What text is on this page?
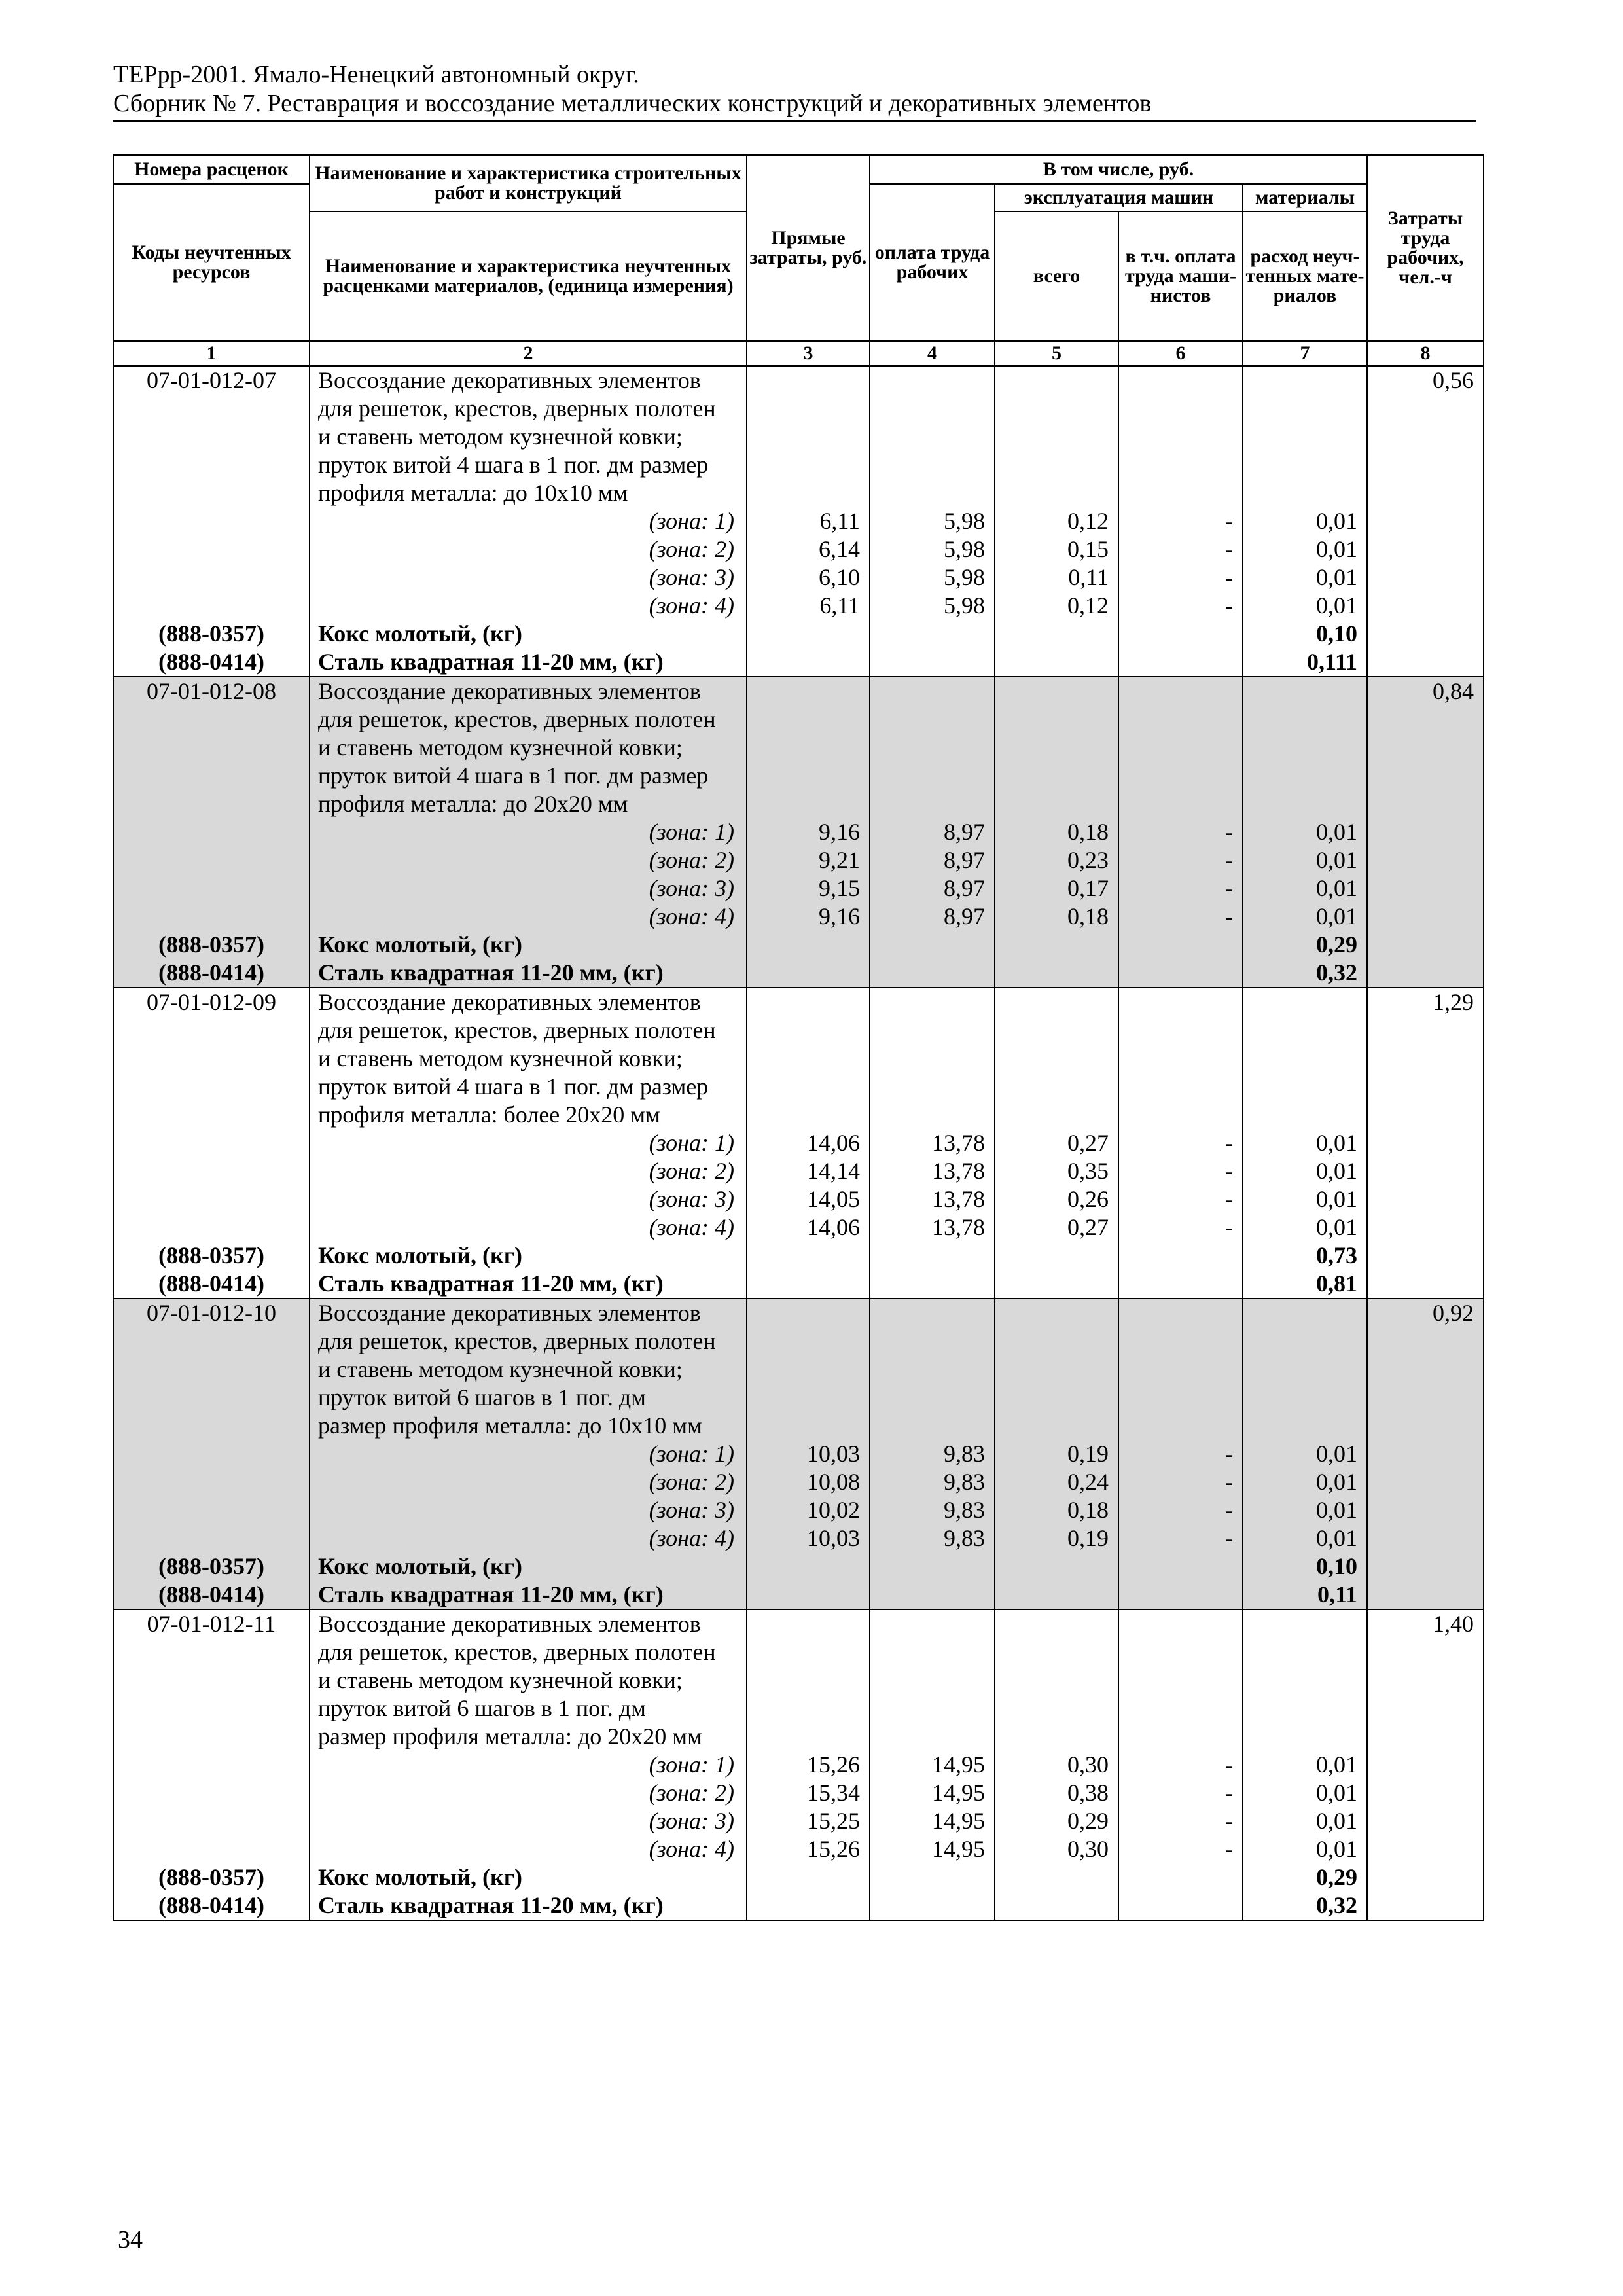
ТЕРрр-2001. Ямало-Ненецкий автономный округ.
Сборник № 7. Реставрация и воссоздание металлических конструкций и декоративных элементов
Номера расценок	Наименование и характеристика строительных работ и конструкций	Прямые затраты, руб.	В том числе, руб.				Затраты труда рабочих, чел.-ч
Коды неучтенных ресурсов			оплата труда рабочих	эксплуатация машин		материалы	
	Наименование и характеристика неучтенных расценками материалов, (единица измерения)			всего	в т.ч. оплата труда маши- нистов	расход неуч- тенных мате- риалов	
1	2	3	4	5	6	7	8
07-01-012-07	Воссоздание декоративных элементов						0,56
	для решеток, крестов, дверных полотен						
	и ставень методом кузнечной ковки;						
	пруток витой 4 шага в 1 пог. дм размер						
	профиля металла: до 10х10 мм						
	(зона: 1)	6,11	5,98	0,12	-	0,01	
	(зона: 2)	6,14	5,98	0,15	-	0,01	
	(зона: 3)	6,10	5,98	0,11	-	0,01	
	(зона: 4)	6,11	5,98	0,12	-	0,01	
(888-0357)	Кокс молотый, (кг)					0,10	
(888-0414)	Сталь квадратная 11-20 мм, (кг)					0,111	
07-01-012-08	Воссоздание декоративных элементов						0,84
	для решеток, крестов, дверных полотен						
	и ставень методом кузнечной ковки;						
	пруток витой 4 шага в 1 пог. дм размер						
	профиля металла: до 20х20 мм						
	(зона: 1)	9,16	8,97	0,18	-	0,01	
	(зона: 2)	9,21	8,97	0,23	-	0,01	
	(зона: 3)	9,15	8,97	0,17	-	0,01	
	(зона: 4)	9,16	8,97	0,18	-	0,01	
(888-0357)	Кокс молотый, (кг)					0,29	
(888-0414)	Сталь квадратная 11-20 мм, (кг)					0,32	
07-01-012-09	Воссоздание декоративных элементов						1,29
	для решеток, крестов, дверных полотен						
	и ставень методом кузнечной ковки;						
	пруток витой 4 шага в 1 пог. дм размер						
	профиля металла: более 20х20 мм						
	(зона: 1)	14,06	13,78	0,27	-	0,01	
	(зона: 2)	14,14	13,78	0,35	-	0,01	
	(зона: 3)	14,05	13,78	0,26	-	0,01	
	(зона: 4)	14,06	13,78	0,27	-	0,01	
(888-0357)	Кокс молотый, (кг)					0,73	
(888-0414)	Сталь квадратная 11-20 мм, (кг)					0,81	
07-01-012-10	Воссоздание декоративных элементов						0,92
	для решеток, крестов, дверных полотен						
	и ставень методом кузнечной ковки;						
	пруток витой 6 шагов в 1 пог. дм						
	размер профиля металла: до 10х10 мм						
	(зона: 1)	10,03	9,83	0,19	-	0,01	
	(зона: 2)	10,08	9,83	0,24	-	0,01	
	(зона: 3)	10,02	9,83	0,18	-	0,01	
	(зона: 4)	10,03	9,83	0,19	-	0,01	
(888-0357)	Кокс молотый, (кг)					0,10	
(888-0414)	Сталь квадратная 11-20 мм, (кг)					0,11	
07-01-012-11	Воссоздание декоративных элементов						1,40
	для решеток, крестов, дверных полотен						
	и ставень методом кузнечной ковки;						
	пруток витой 6 шагов в 1 пог. дм						
	размер профиля металла: до 20х20 мм						
	(зона: 1)	15,26	14,95	0,30	-	0,01	
	(зона: 2)	15,34	14,95	0,38	-	0,01	
	(зона: 3)	15,25	14,95	0,29	-	0,01	
	(зона: 4)	15,26	14,95	0,30	-	0,01	
(888-0357)	Кокс молотый, (кг)					0,29	
(888-0414)	Сталь квадратная 11-20 мм, (кг)					0,32	
34
